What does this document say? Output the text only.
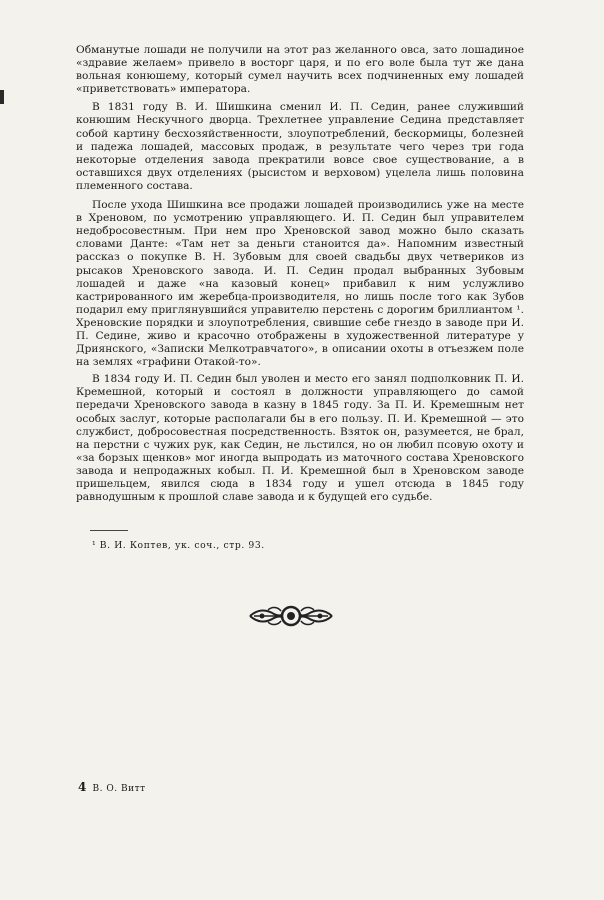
Обманутые лошади не получили на этот раз желанного овса, зато лошадиное «здравие желаем» привело в восторг царя, и по его воле была тут же дана вольная конюшему, который сумел научить всех подчиненных ему лошадей «приветствовать» императора.

В 1831 году В. И. Шишкина сменил И. П. Седин, ранее служивший конюшим Нескучного дворца. Трехлетнее управление Седина представляет собой картину бесхозяйственности, злоупотреблений, бескормицы, болезней и падежа лошадей, массовых продаж, в результате чего через три года некоторые отделения завода прекратили вовсе свое существование, а в оставшихся двух отделениях (рысистом и верховом) уцелела лишь половина племенного состава.

После ухода Шишкина все продажи лошадей производились уже на месте в Хреновом, по усмотрению управляющего. И. П. Седин был управителем недобросовестным. При нем про Хреновской завод можно было сказать словами Данте: «Там нет за деньги станоится да». Напомним известный рассказ о покупке В. Н. Зубовым для своей свадьбы двух четвериков из рысаков Хреновского завода. И. П. Седин продал выбранных Зубовым лошадей и даже «на казовый конец» прибавил к ним услужливо кастрированного им жеребца-производителя, но лишь после того как Зубов подарил ему приглянувшийся управителю перстень с дорогим бриллиантом ¹. Хреновские порядки и злоупотребления, свившие себе гнездо в заводе при И. П. Седине, живо и красочно отображены в художественной литературе у Дриянского, «Записки Мелкотравчатого», в описании охоты в отъезжем поле на землях «графини Отакой-то».

В 1834 году И. П. Седин был уволен и место его занял подполковник П. И. Кремешной, который и состоял в должности управляющего до самой передачи Хреновского завода в казну в 1845 году. За П. И. Кремешным нет особых заслуг, которые располагали бы в его пользу. П. И. Кремешной — это службист, добросовестная посредственность. Взяток он, разумеется, не брал, на перстни с чужих рук, как Седин, не льстился, но он любил псовую охоту и «за борзых щенков» мог иногда выпродать из маточного состава Хреновского завода и непродажных кобыл. П. И. Кремешной был в Хреновском заводе пришельцем, явился сюда в 1834 году и ушел отсюда в 1845 году равнодушным к прошлой славе завода и к будущей его судьбе.

¹ В. И. Коптев, ук. соч., стр. 93.
4 В. О. Витт
